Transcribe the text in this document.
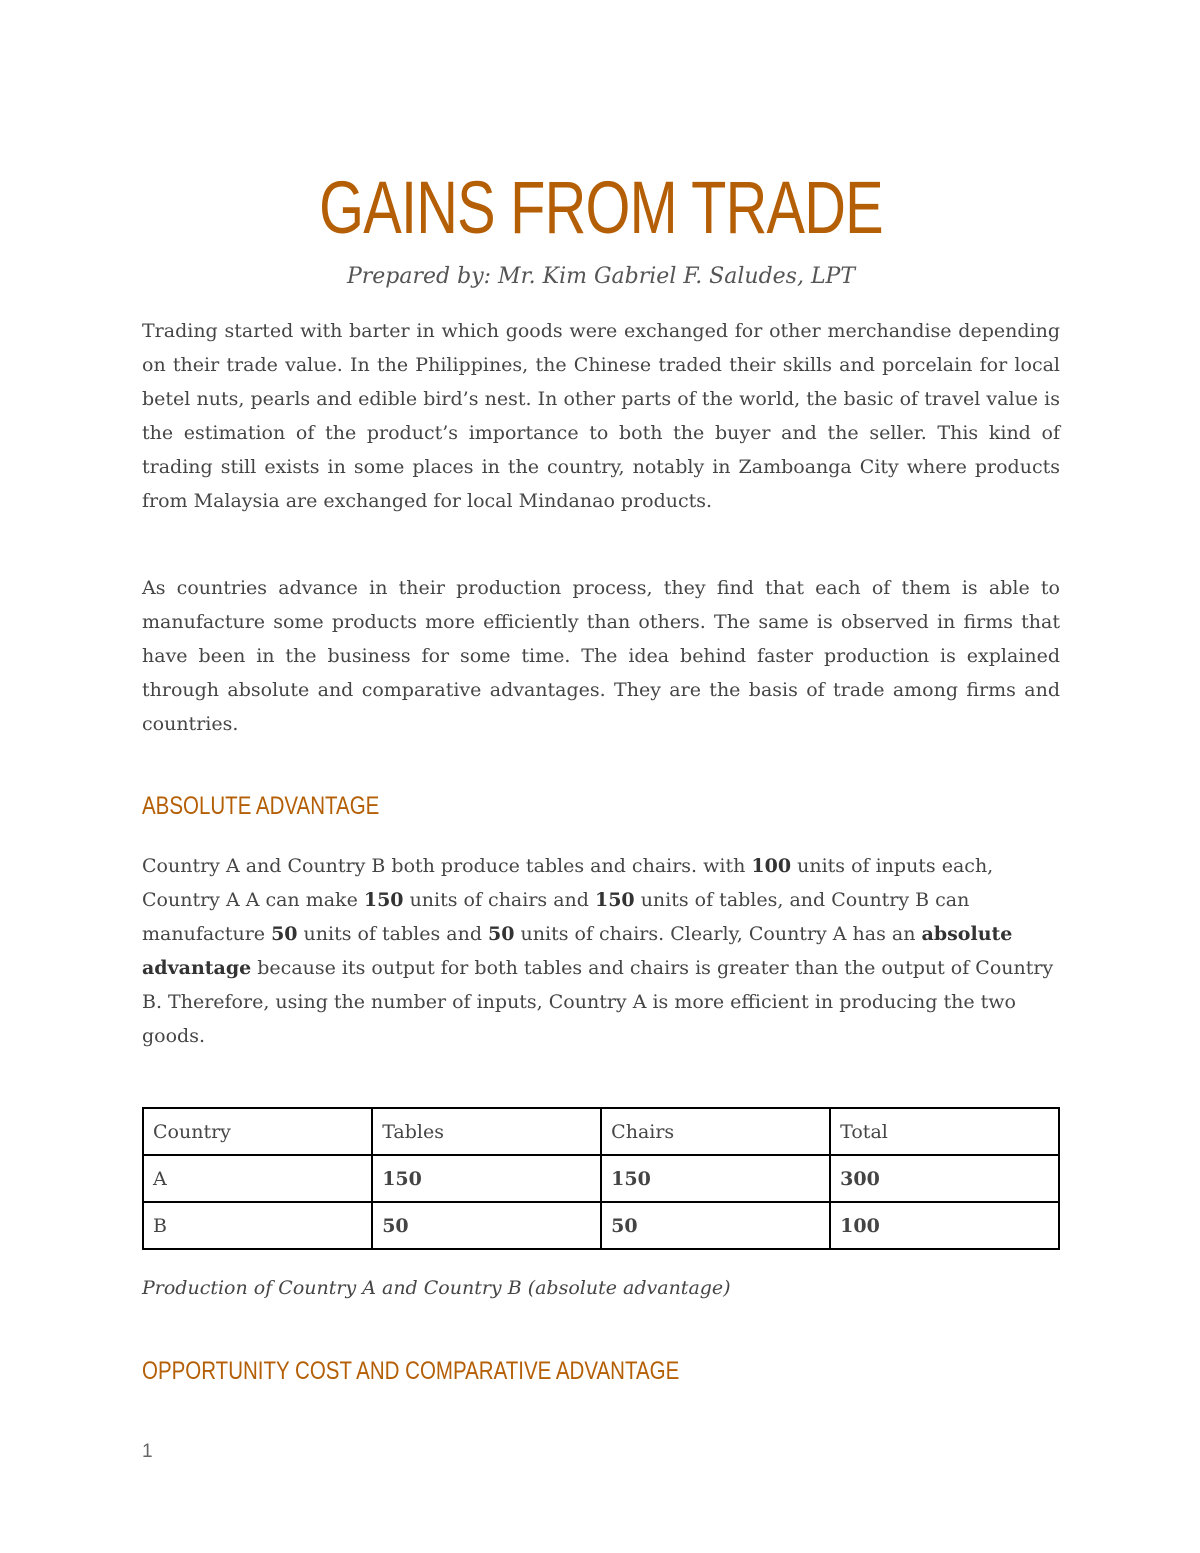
GAINS FROM TRADE
Prepared by: Mr. Kim Gabriel F. Saludes, LPT

Trading started with barter in which goods were exchanged for other merchandise depending on their trade value. In the Philippines, the Chinese traded their skills and porcelain for local betel nuts, pearls and edible bird’s nest. In other parts of the world, the basic of travel value is the estimation of the product’s importance to both the buyer and the seller. This kind of trading still exists in some places in the country, notably in Zamboanga City where products from Malaysia are exchanged for local Mindanao products.

As countries advance in their production process, they find that each of them is able to manufacture some products more efficiently than others. The same is observed in firms that have been in the business for some time. The idea behind faster production is explained through absolute and comparative advantages. They are the basis of trade among firms and countries.

ABSOLUTE ADVANTAGE

Country A and Country B both produce tables and chairs. with 100 units of inputs each, Country A A can make 150 units of chairs and 150 units of tables, and Country B can manufacture 50 units of tables and 50 units of chairs. Clearly, Country A has an absolute advantage because its output for both tables and chairs is greater than the output of Country B. Therefore, using the number of inputs, Country A is more efficient in producing the two goods.

Country	Tables	Chairs	Total
A	150	150	300
B	50	50	100
Production of Country A and Country B (absolute advantage)
OPPORTUNITY COST AND COMPARATIVE ADVANTAGE
1
